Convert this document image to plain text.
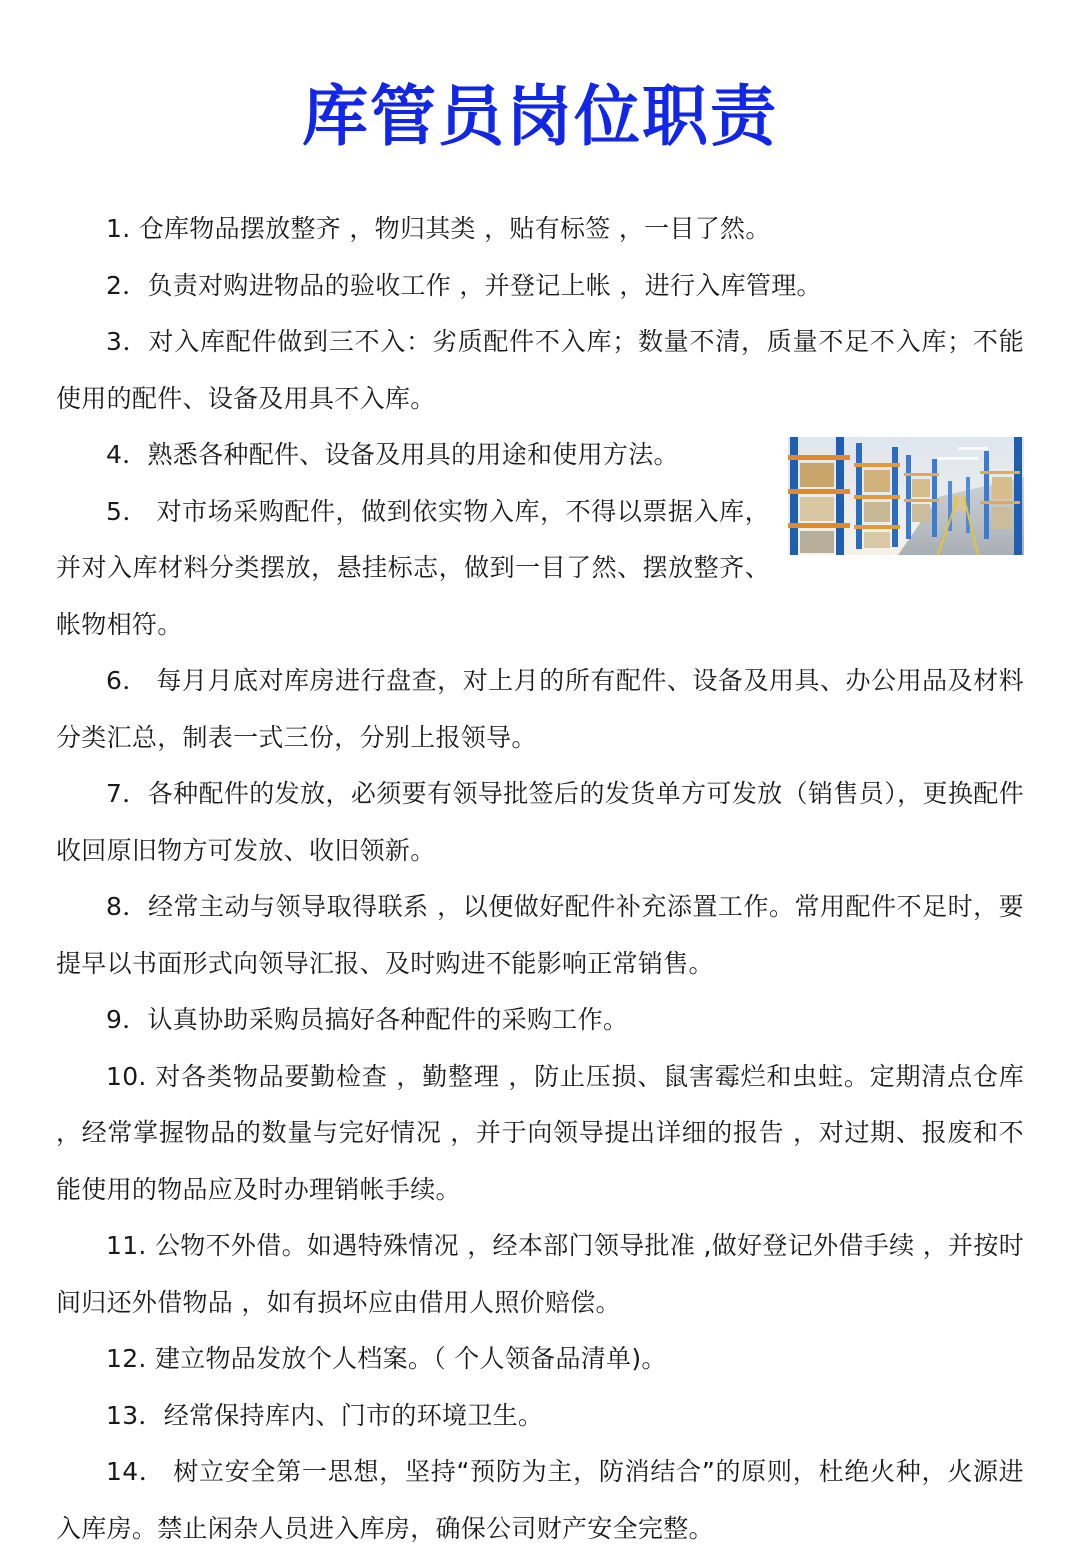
库管员岗位职责

1. 仓库物品摆放整齐 ，物归其类 ，贴有标签 ，一目了然。

2．负责对购进物品的验收工作 ，并登记上帐 ，进行入库管理。

3．对入库配件做到三不入：劣质配件不入库；数量不清，质量不足不入库；不能使用的配件、设备及用具不入库。

4．熟悉各种配件、设备及用具的用途和使用方法。

5． 对市场采购配件，做到依实物入库，不得以票据入库，并对入库材料分类摆放，悬挂标志，做到一目了然、摆放整齐、帐物相符。

6． 每月月底对库房进行盘查，对上月的所有配件、设备及用具、办公用品及材料分类汇总，制表一式三份，分别上报领导。

7．各种配件的发放，必须要有领导批签后的发货单方可发放（销售员），更换配件收回原旧物方可发放、收旧领新。

8．经常主动与领导取得联系 ，以便做好配件补充添置工作。常用配件不足时，要提早以书面形式向领导汇报、及时购进不能影响正常销售。

9．认真协助采购员搞好各种配件的采购工作。

10. 对各类物品要勤检查 ，勤整理 ，防止压损、鼠害霉烂和虫蛀。定期清点仓库 ，经常掌握物品的数量与完好情况 ，并于向领导提出详细的报告 ，对过期、报废和不能使用的物品应及时办理销帐手续。

11. 公物不外借。如遇特殊情况 ，经本部门领导批准 ,做好登记外借手续 ，并按时间归还外借物品 ，如有损坏应由借用人照价赔偿。

12. 建立物品发放个人档案。（ 个人领备品清单)。

13．经常保持库内、门市的环境卫生。

14． 树立安全第一思想，坚持“预防为主，防消结合”的原则，杜绝火种，火源进入库房。禁止闲杂人员进入库房，确保公司财产安全完整。
